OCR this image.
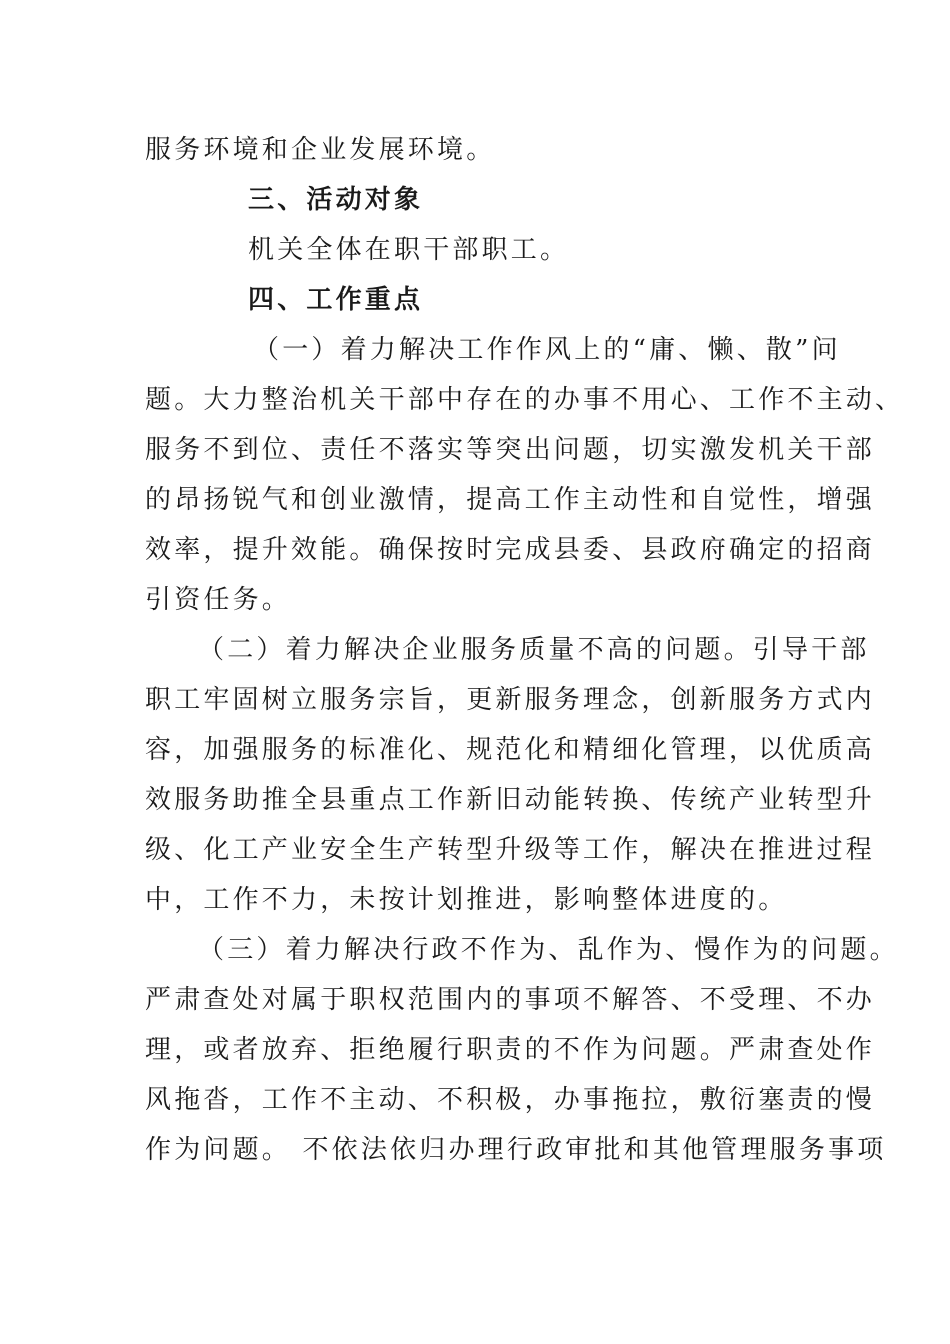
服务环境和企业发展环境。
三、活动对象
机关全体在职干部职工。
四、工作重点
（一）着力解决工作作风上的“庸、懒、散”问
题。大力整治机关干部中存在的办事不用心、工作不主动、
服务不到位、责任不落实等突出问题，切实激发机关干部
的昂扬锐气和创业激情，提高工作主动性和自觉性，增强
效率，提升效能。确保按时完成县委、县政府确定的招商
引资任务。
（二）着力解决企业服务质量不高的问题。引导干部
职工牢固树立服务宗旨，更新服务理念，创新服务方式内
容，加强服务的标准化、规范化和精细化管理，以优质高
效服务助推全县重点工作新旧动能转换、传统产业转型升
级、化工产业安全生产转型升级等工作，解决在推进过程
中，工作不力，未按计划推进，影响整体进度的。
（三）着力解决行政不作为、乱作为、慢作为的问题。
严肃查处对属于职权范围内的事项不解答、不受理、不办
理，或者放弃、拒绝履行职责的不作为问题。严肃查处作
风拖沓，工作不主动、不积极，办事拖拉，敷衍塞责的慢
作为问题。 不依法依归办理行政审批和其他管理服务事项
